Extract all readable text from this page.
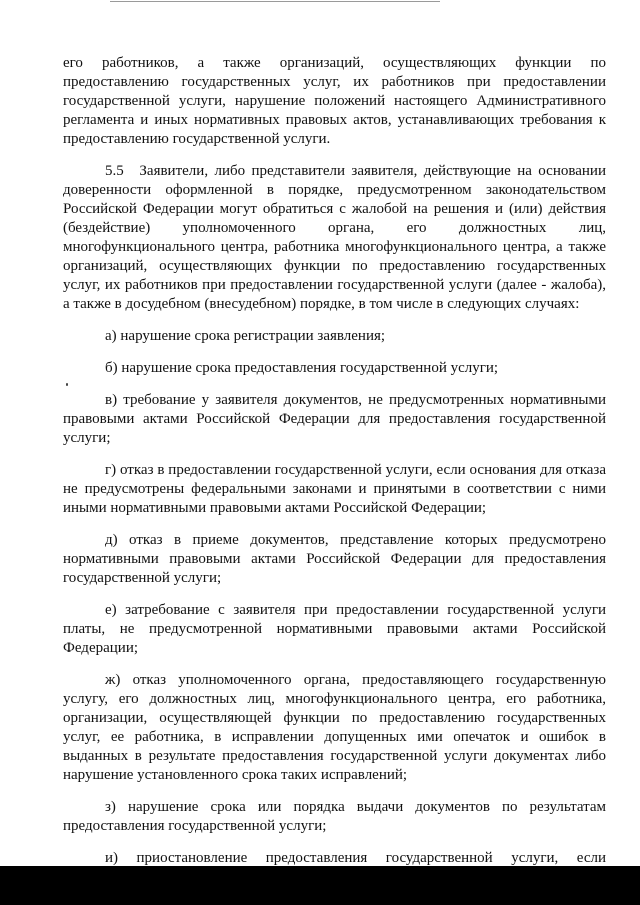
его работников, а также организаций, осуществляющих функции по предоставлению государственных услуг, их работников при предоставлении государственной услуги, нарушение положений настоящего Административного регламента и иных нормативных правовых актов, устанавливающих требования к предоставлению государственной услуги.

5.5 Заявители, либо представители заявителя, действующие на основании доверенности оформленной в порядке, предусмотренном законодательством Российской Федерации могут обратиться с жалобой на решения и (или) действия (бездействие) уполномоченного органа, его должностных лиц, многофункционального центра, работника многофункционального центра, а также организаций, осуществляющих функции по предоставлению государственных услуг, их работников при предоставлении государственной услуги (далее - жалоба), а также в досудебном (внесудебном) порядке, в том числе в следующих случаях:

а) нарушение срока регистрации заявления;

б) нарушение срока предоставления государственной услуги;

в) требование у заявителя документов, не предусмотренных нормативными правовыми актами Российской Федерации для предоставления государственной услуги;

г) отказ в предоставлении государственной услуги, если основания для отказа не предусмотрены федеральными законами и принятыми в соответствии с ними иными нормативными правовыми актами Российской Федерации;

д) отказ в приеме документов, представление которых предусмотрено нормативными правовыми актами Российской Федерации для предоставления государственной услуги;

е) затребование с заявителя при предоставлении государственной услуги платы, не предусмотренной нормативными правовыми актами Российской Федерации;

ж) отказ уполномоченного органа, предоставляющего государственную услугу, его должностных лиц, многофункционального центра, его работника, организации, осуществляющей функции по предоставлению государственных услуг, ее работника, в исправлении допущенных ими опечаток и ошибок в выданных в результате предоставления государственной услуги документах либо нарушение установленного срока таких исправлений;

з) нарушение срока или порядка выдачи документов по результатам предоставления государственной услуги;

и) приостановление предоставления государственной услуги, если
